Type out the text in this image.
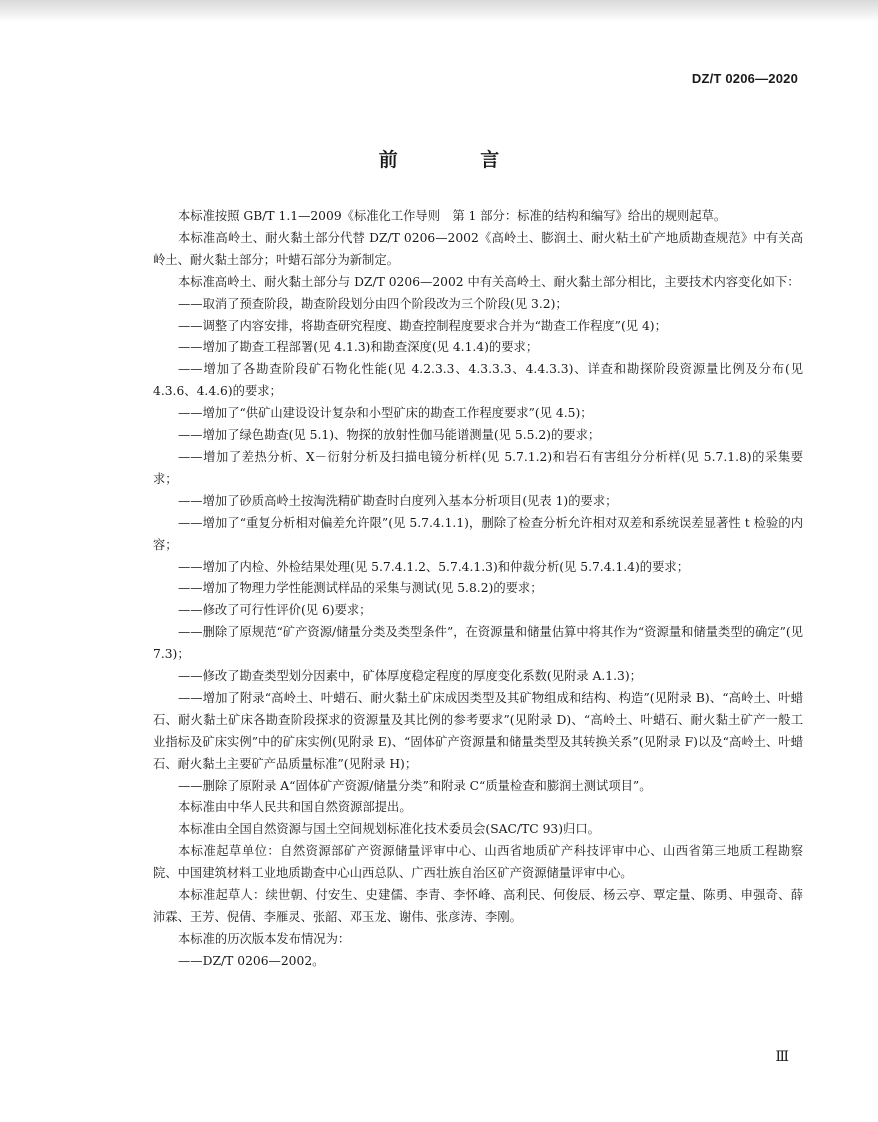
DZ/T 0206—2020
前 言

本标准按照 GB/T 1.1—2009《标准化工作导则　第 1 部分：标准的结构和编写》给出的规则起草。

本标准高岭土、耐火黏土部分代替 DZ/T 0206—2002《高岭土、膨润土、耐火粘土矿产地质勘查规范》中有关高岭土、耐火黏土部分；叶蜡石部分为新制定。

本标准高岭土、耐火黏土部分与 DZ/T 0206—2002 中有关高岭土、耐火黏土部分相比，主要技术内容变化如下：

——取消了预查阶段，勘查阶段划分由四个阶段改为三个阶段(见 3.2)；

——调整了内容安排，将勘查研究程度、勘查控制程度要求合并为“勘查工作程度”(见 4)；

——增加了勘查工程部署(见 4.1.3)和勘查深度(见 4.1.4)的要求；

——增加了各勘查阶段矿石物化性能(见 4.2.3.3、4.3.3.3、4.4.3.3)、详查和勘探阶段资源量比例及分布(见 4.3.6、4.4.6)的要求；

——增加了“供矿山建设设计复杂和小型矿床的勘查工作程度要求”(见 4.5)；

——增加了绿色勘查(见 5.1)、物探的放射性伽马能谱测量(见 5.5.2)的要求；

——增加了差热分析、X－衍射分析及扫描电镜分析样(见 5.7.1.2)和岩石有害组分分析样(见 5.7.1.8)的采集要求；

——增加了砂质高岭土按淘洗精矿勘查时白度列入基本分析项目(见表 1)的要求；

——增加了“重复分析相对偏差允许限”(见 5.7.4.1.1)，删除了检查分析允许相对双差和系统误差显著性 t 检验的内容；

——增加了内检、外检结果处理(见 5.7.4.1.2、5.7.4.1.3)和仲裁分析(见 5.7.4.1.4)的要求；

——增加了物理力学性能测试样品的采集与测试(见 5.8.2)的要求；

——修改了可行性评价(见 6)要求；

——删除了原规范“矿产资源/储量分类及类型条件”，在资源量和储量估算中将其作为“资源量和储量类型的确定”(见 7.3)；

——修改了勘查类型划分因素中，矿体厚度稳定程度的厚度变化系数(见附录 A.1.3)；

——增加了附录“高岭土、叶蜡石、耐火黏土矿床成因类型及其矿物组成和结构、构造”(见附录 B)、“高岭土、叶蜡石、耐火黏土矿床各勘查阶段探求的资源量及其比例的参考要求”(见附录 D)、“高岭土、叶蜡石、耐火黏土矿产一般工业指标及矿床实例”中的矿床实例(见附录 E)、“固体矿产资源量和储量类型及其转换关系”(见附录 F)以及“高岭土、叶蜡石、耐火黏土主要矿产品质量标准”(见附录 H)；

——删除了原附录 A“固体矿产资源/储量分类”和附录 C“质量检查和膨润土测试项目”。

本标准由中华人民共和国自然资源部提出。

本标准由全国自然资源与国土空间规划标准化技术委员会(SAC/TC 93)归口。

本标准起草单位：自然资源部矿产资源储量评审中心、山西省地质矿产科技评审中心、山西省第三地质工程勘察院、中国建筑材料工业地质勘查中心山西总队、广西壮族自治区矿产资源储量评审中心。

本标准起草人：续世朝、付安生、史建儒、李青、李怀峰、高利民、何俊辰、杨云亭、覃定量、陈勇、申强奇、薛沛霖、王芳、倪倩、李雁灵、张韶、邓玉龙、谢伟、张彦涛、李刚。

本标准的历次版本发布情况为：

——DZ/T 0206—2002。

Ⅲ
